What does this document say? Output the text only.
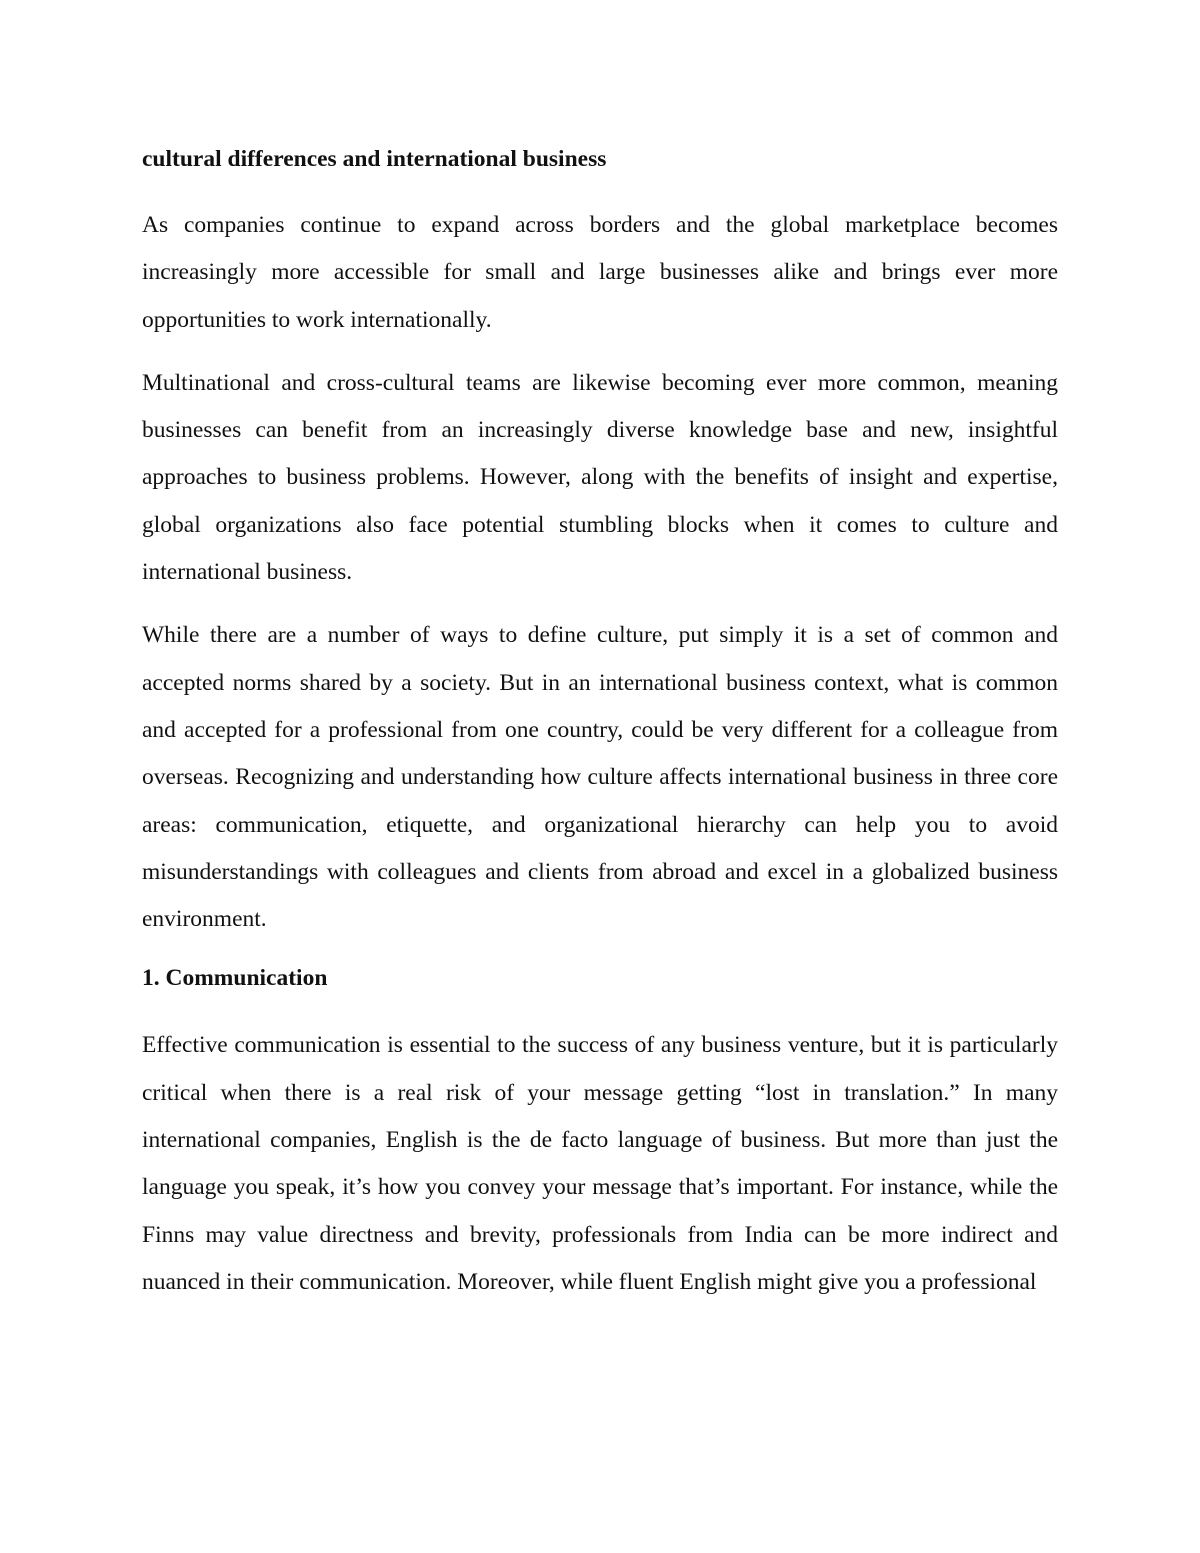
cultural differences and international business

As companies continue to expand across borders and the global marketplace becomes increasingly more accessible for small and large businesses alike and brings ever more opportunities to work internationally.

Multinational and cross-cultural teams are likewise becoming ever more common, meaning businesses can benefit from an increasingly diverse knowledge base and new, insightful approaches to business problems. However, along with the benefits of insight and expertise, global organizations also face potential stumbling blocks when it comes to culture and international business.

While there are a number of ways to define culture, put simply it is a set of common and accepted norms shared by a society. But in an international business context, what is common and accepted for a professional from one country, could be very different for a colleague from overseas. Recognizing and understanding how culture affects international business in three core areas: communication, etiquette, and organizational hierarchy can help you to avoid misunderstandings with colleagues and clients from abroad and excel in a globalized business environment.

1. Communication

Effective communication is essential to the success of any business venture, but it is particularly critical when there is a real risk of your message getting “lost in translation.” In many international companies, English is the de facto language of business. But more than just the language you speak, it’s how you convey your message that’s important. For instance, while the Finns may value directness and brevity, professionals from India can be more indirect and nuanced in their communication. Moreover, while fluent English might give you a professional
